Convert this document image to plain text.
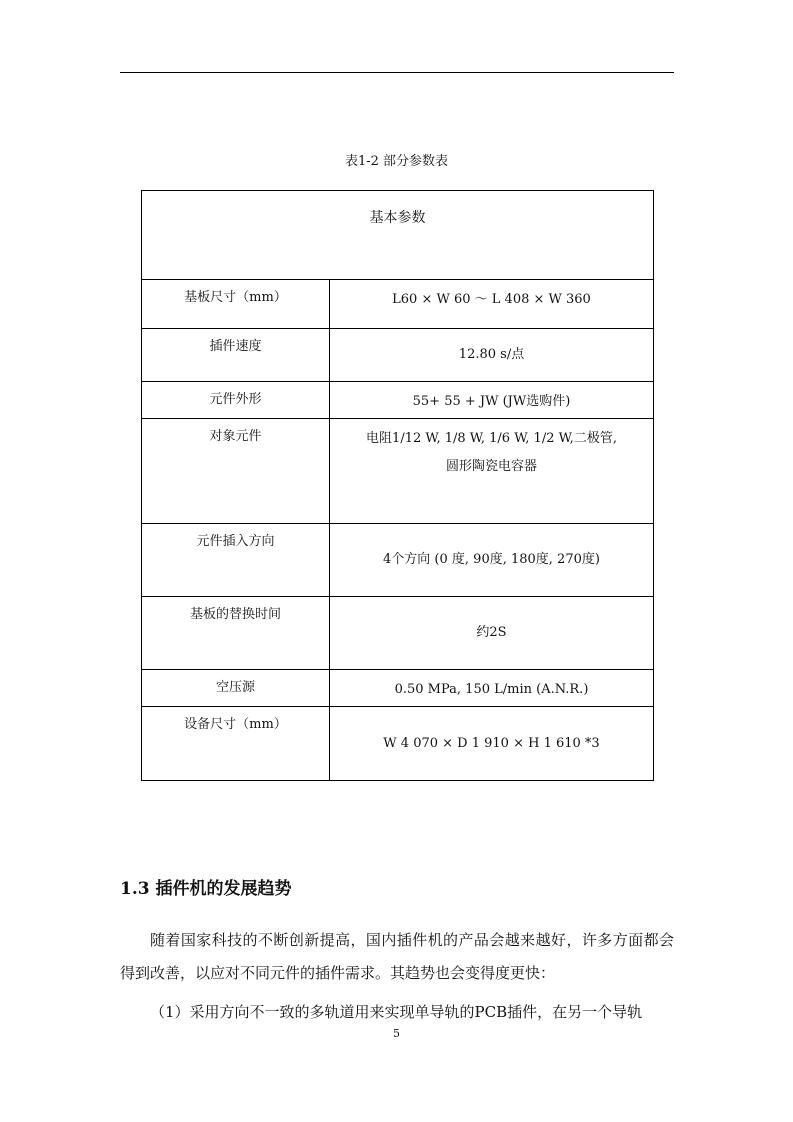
表1-2 部分参数表
基本参数	
基板尺寸（mm）	L60 × W 60 ～ L 408 × W 360
插件速度	12.80 s/点
元件外形	55+ 55 + JW (JW选购件)
对象元件	电阻1/12 W, 1/8 W, 1/6 W, 1/2 W,二极管,
圆形陶瓷电容器

元件插入方向	4个方向 (0 度, 90度, 180度, 270度)
基板的替换时间	约2S
空压源	0.50 MPa, 150 L/min (A.N.R.)
设备尺寸（mm）	W 4 070 × D 1 910 × H 1 610 *3
1.3 插件机的发展趋势

随着国家科技的不断创新提高，国内插件机的产品会越来越好，许多方面都会得到改善，以应对不同元件的插件需求。其趋势也会变得度更快：

（1）采用方向不一致的多轨道用来实现单导轨的PCB插件，在另一个导轨

5
